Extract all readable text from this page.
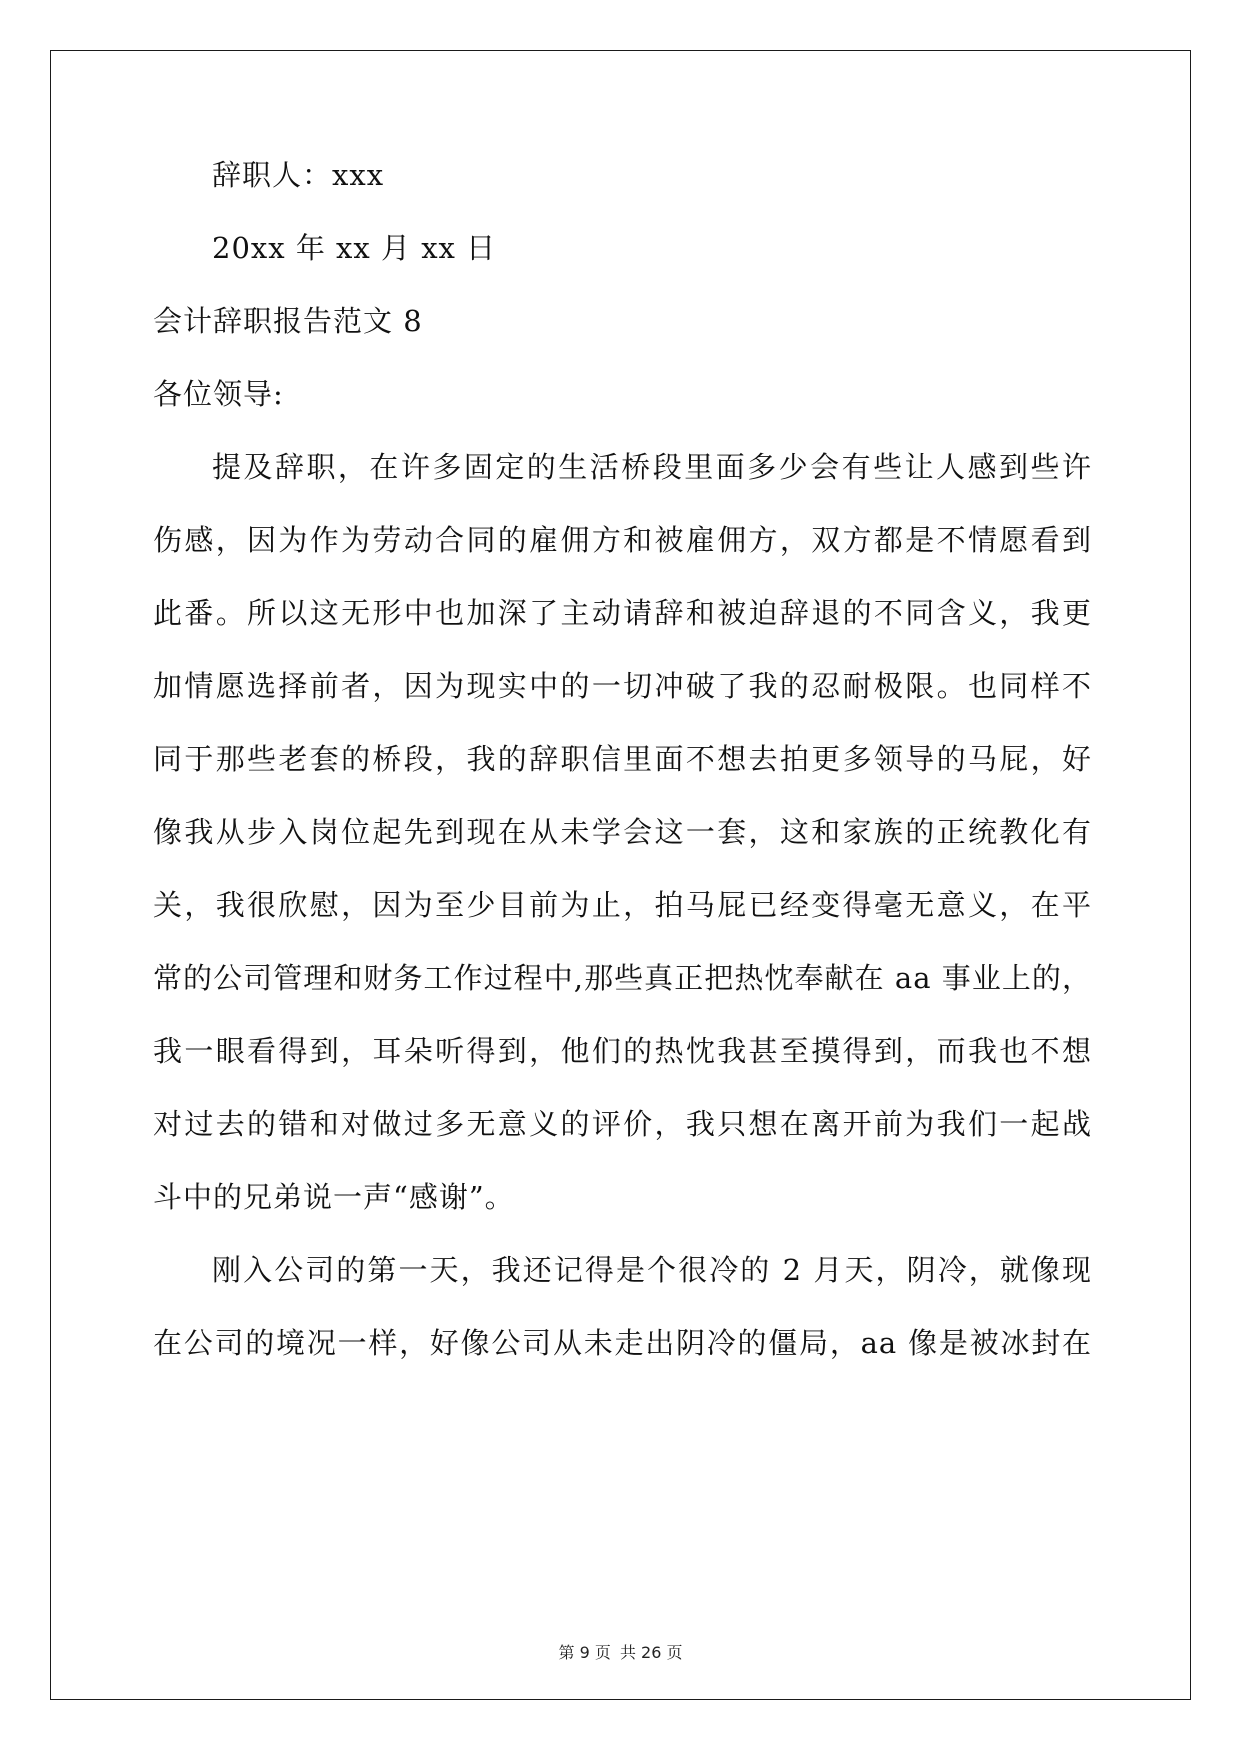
辞职人：xxx
20xx 年 xx 月 xx 日
会计辞职报告范文 8
各位领导:
提及辞职，在许多固定的生活桥段里面多少会有些让人感到些许
伤感，因为作为劳动合同的雇佣方和被雇佣方，双方都是不情愿看到
此番。所以这无形中也加深了主动请辞和被迫辞退的不同含义，我更
加情愿选择前者，因为现实中的一切冲破了我的忍耐极限。也同样不
同于那些老套的桥段，我的辞职信里面不想去拍更多领导的马屁，好
像我从步入岗位起先到现在从未学会这一套，这和家族的正统教化有
关，我很欣慰，因为至少目前为止，拍马屁已经变得毫无意义，在平
常的公司管理和财务工作过程中,那些真正把热忱奉献在 aa 事业上的，
我一眼看得到，耳朵听得到，他们的热忱我甚至摸得到，而我也不想
对过去的错和对做过多无意义的评价，我只想在离开前为我们一起战
斗中的兄弟说一声“感谢”。
刚入公司的第一天，我还记得是个很冷的 2 月天，阴冷，就像现
在公司的境况一样，好像公司从未走出阴冷的僵局，aa 像是被冰封在
第 9 页 共 26 页
